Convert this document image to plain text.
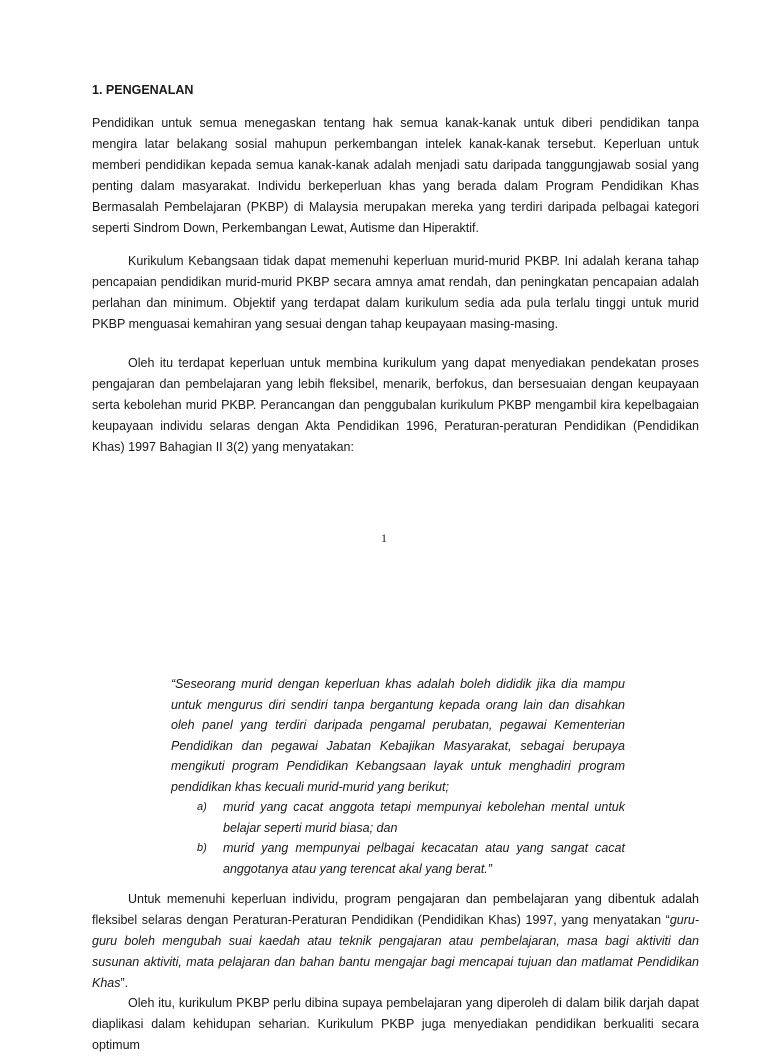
1. PENGENALAN

Pendidikan untuk semua menegaskan tentang hak semua kanak-kanak untuk diberi pendidikan tanpa mengira latar belakang sosial mahupun perkembangan intelek kanak-kanak tersebut. Keperluan untuk memberi pendidikan kepada semua kanak-kanak adalah menjadi satu daripada tanggungjawab sosial yang penting dalam masyarakat. Individu berkeperluan khas yang berada dalam Program Pendidikan Khas Bermasalah Pembelajaran (PKBP) di Malaysia merupakan mereka yang terdiri daripada pelbagai kategori seperti Sindrom Down, Perkembangan Lewat, Autisme dan Hiperaktif.

Kurikulum Kebangsaan tidak dapat memenuhi keperluan murid-murid PKBP. Ini adalah kerana tahap pencapaian pendidikan murid-murid PKBP secara amnya amat rendah, dan peningkatan pencapaian adalah perlahan dan minimum. Objektif yang terdapat dalam kurikulum sedia ada pula terlalu tinggi untuk murid PKBP menguasai kemahiran yang sesuai dengan tahap keupayaan masing-masing.

Oleh itu terdapat keperluan untuk membina kurikulum yang dapat menyediakan pendekatan proses pengajaran dan pembelajaran yang lebih fleksibel, menarik, berfokus, dan bersesuaian dengan keupayaan serta kebolehan murid PKBP. Perancangan dan penggubalan kurikulum PKBP mengambil kira kepelbagaian keupayaan individu selaras dengan Akta Pendidikan 1996, Peraturan-peraturan Pendidikan (Pendidikan Khas) 1997 Bahagian II 3(2) yang menyatakan:

1
“Seseorang murid dengan keperluan khas adalah boleh dididik jika dia mampu untuk mengurus diri sendiri tanpa bergantung kepada orang lain dan disahkan oleh panel yang terdiri daripada pengamal perubatan, pegawai Kementerian Pendidikan dan pegawai Jabatan Kebajikan Masyarakat, sebagai berupaya mengikuti program Pendidikan Kebangsaan layak untuk menghadiri program pendidikan khas kecuali murid-murid yang berikut;
a) murid yang cacat anggota tetapi mempunyai kebolehan mental untuk belajar seperti murid biasa; dan
b) murid yang mempunyai pelbagai kecacatan atau yang sangat cacat anggotanya atau yang terencat akal yang berat.”

Untuk memenuhi keperluan individu, program pengajaran dan pembelajaran yang dibentuk adalah fleksibel selaras dengan Peraturan-Peraturan Pendidikan (Pendidikan Khas) 1997, yang menyatakan “guru-guru boleh mengubah suai kaedah atau teknik pengajaran atau pembelajaran, masa bagi aktiviti dan susunan aktiviti, mata pelajaran dan bahan bantu mengajar bagi mencapai tujuan dan matlamat Pendidikan Khas”.

Oleh itu, kurikulum PKBP perlu dibina supaya pembelajaran yang diperoleh di dalam bilik darjah dapat diaplikasi dalam kehidupan seharian. Kurikulum PKBP juga menyediakan pendidikan berkualiti secara optimum
